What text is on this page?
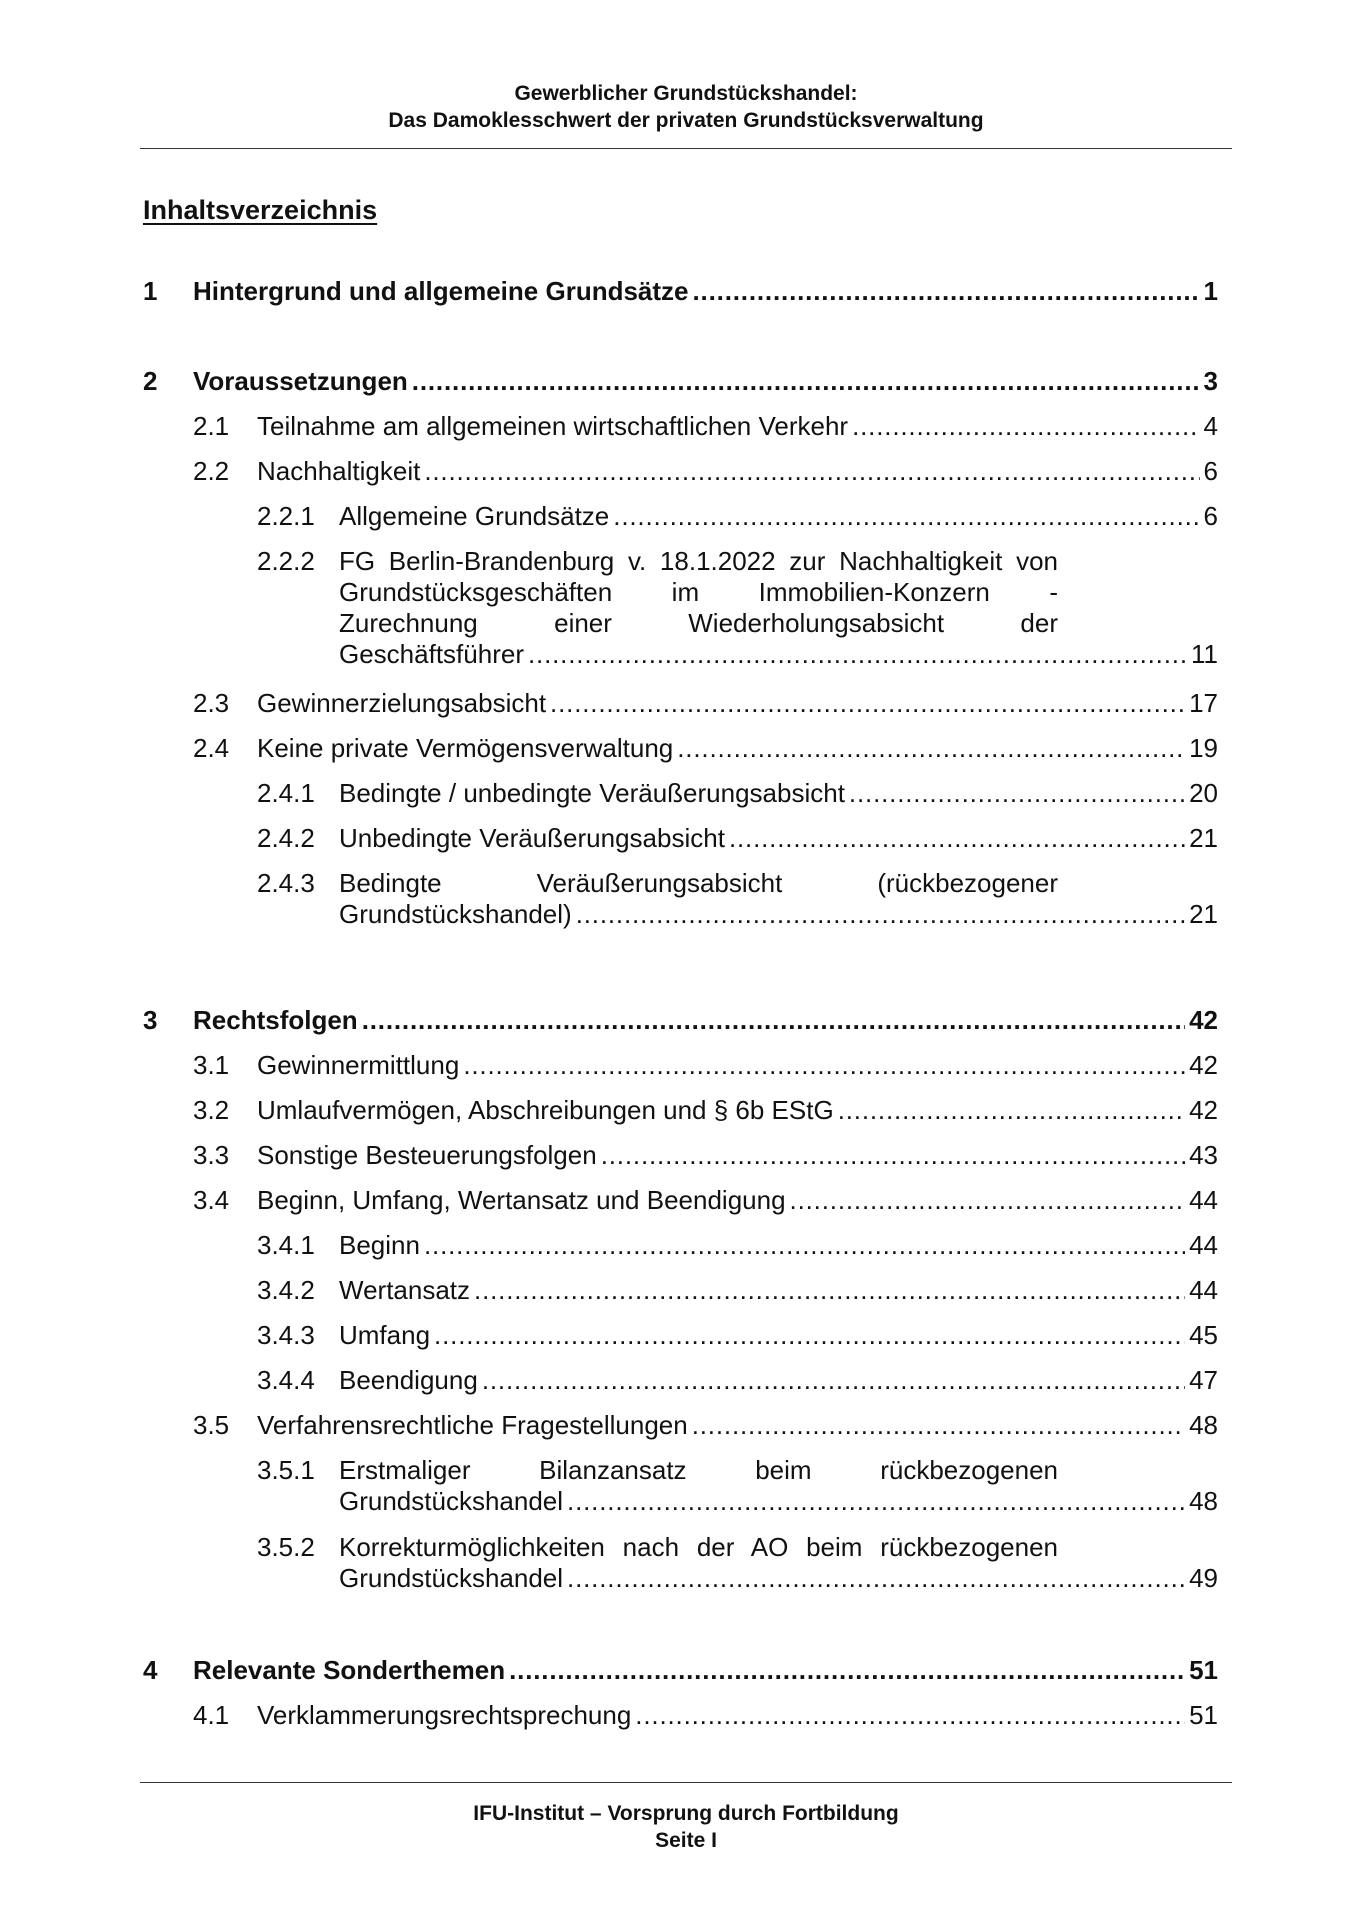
Gewerblicher Grundstückshandel:
Das Damoklesschwert der privaten Grundstücksverwaltung
Inhaltsverzeichnis
1 Hintergrund und allgemeine Grundsätze . . .	1
2 Voraussetzungen . . .	3
2.1 Teilnahme am allgemeinen wirtschaftlichen Verkehr . . .	4
2.2 Nachhaltigkeit . . .	6
2.2.1 Allgemeine Grundsätze . . .	6
2.2.2 FG Berlin-Brandenburg v. 18.1.2022 zur Nachhaltigkeit von
Grundstücksgeschäften im Immobilien-Konzern -
Zurechnung einer Wiederholungsabsicht der
Geschäftsführer . . .	11
2.3 Gewinnerzielungsabsicht . . .	17
2.4 Keine private Vermögensverwaltung . . .	19
2.4.1 Bedingte / unbedingte Veräußerungsabsicht . . .	20
2.4.2 Unbedingte Veräußerungsabsicht . . .	21
2.4.3 Bedingte Veräußerungsabsicht (rückbezogener
Grundstückshandel) . . .	21
3 Rechtsfolgen . . .	42
3.1 Gewinnermittlung . . .	42
3.2 Umlaufvermögen, Abschreibungen und § 6b EStG . . .	42
3.3 Sonstige Besteuerungsfolgen . . .	43
3.4 Beginn, Umfang, Wertansatz und Beendigung . . .	44
3.4.1 Beginn . . .	44
3.4.2 Wertansatz . . .	44
3.4.3 Umfang . . .	45
3.4.4 Beendigung . . .	47
3.5 Verfahrensrechtliche Fragestellungen . . .	48
3.5.1 Erstmaliger Bilanzansatz beim rückbezogenen
Grundstückshandel . . .	48
3.5.2 Korrekturmöglichkeiten nach der AO beim rückbezogenen
Grundstückshandel . . .	49
4 Relevante Sonderthemen . . .	51
4.1 Verklammerungsrechtsprechung . . .	51
IFU-Institut – Vorsprung durch Fortbildung
Seite I
